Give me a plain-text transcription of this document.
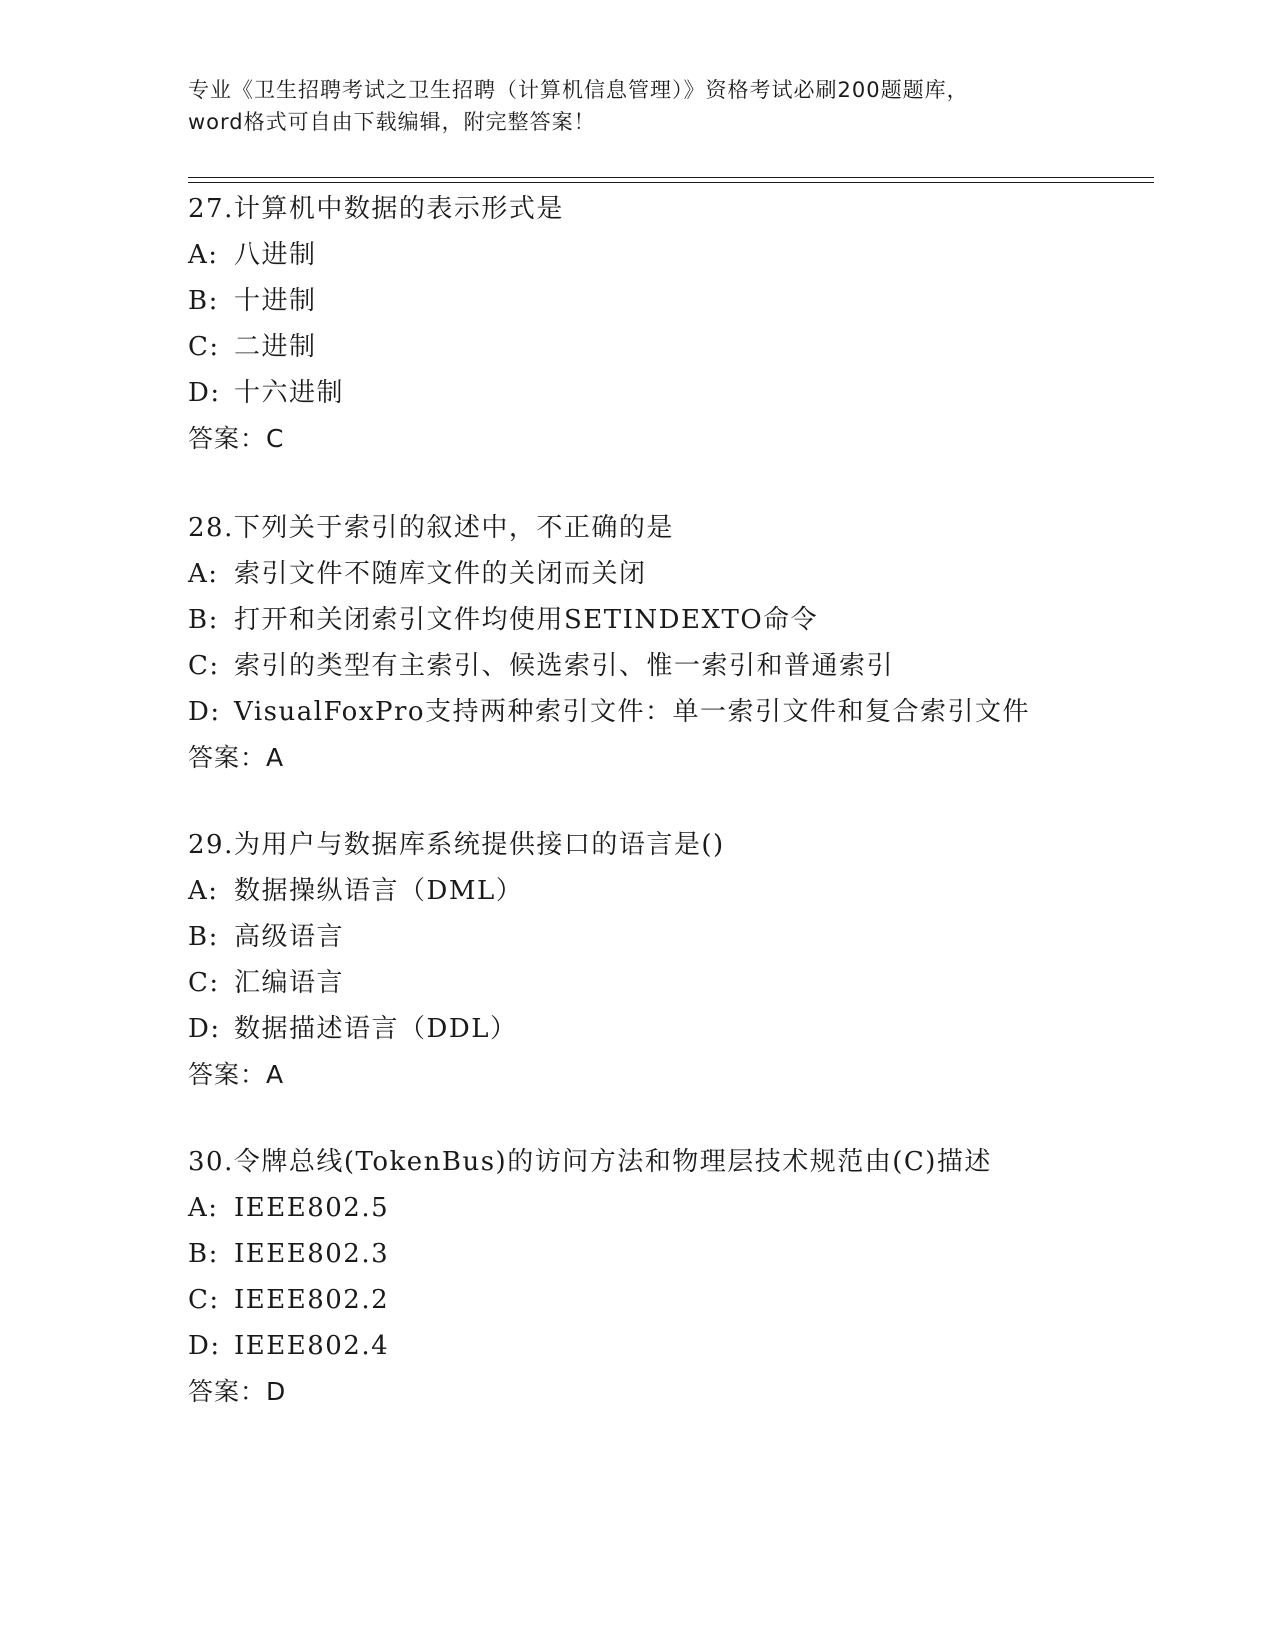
专业《卫生招聘考试之卫生招聘（计算机信息管理）》资格考试必刷200题题库，
word格式可自由下载编辑，附完整答案！
27.计算机中数据的表示形式是
A: 八进制
B: 十进制
C: 二进制
D: 十六进制
答案：C
28.下列关于索引的叙述中，不正确的是
A: 索引文件不随库文件的关闭而关闭
B: 打开和关闭索引文件均使用SETINDEXTO命令
C: 索引的类型有主索引、候选索引、惟一索引和普通索引
D: VisualFoxPro支持两种索引文件：单一索引文件和复合索引文件
答案：A
29.为用户与数据库系统提供接口的语言是()
A: 数据操纵语言（DML）
B: 高级语言
C: 汇编语言
D: 数据描述语言（DDL）
答案：A
30.令牌总线(TokenBus)的访问方法和物理层技术规范由(C)描述
A: IEEE802.5
B: IEEE802.3
C: IEEE802.2
D: IEEE802.4
答案：D
